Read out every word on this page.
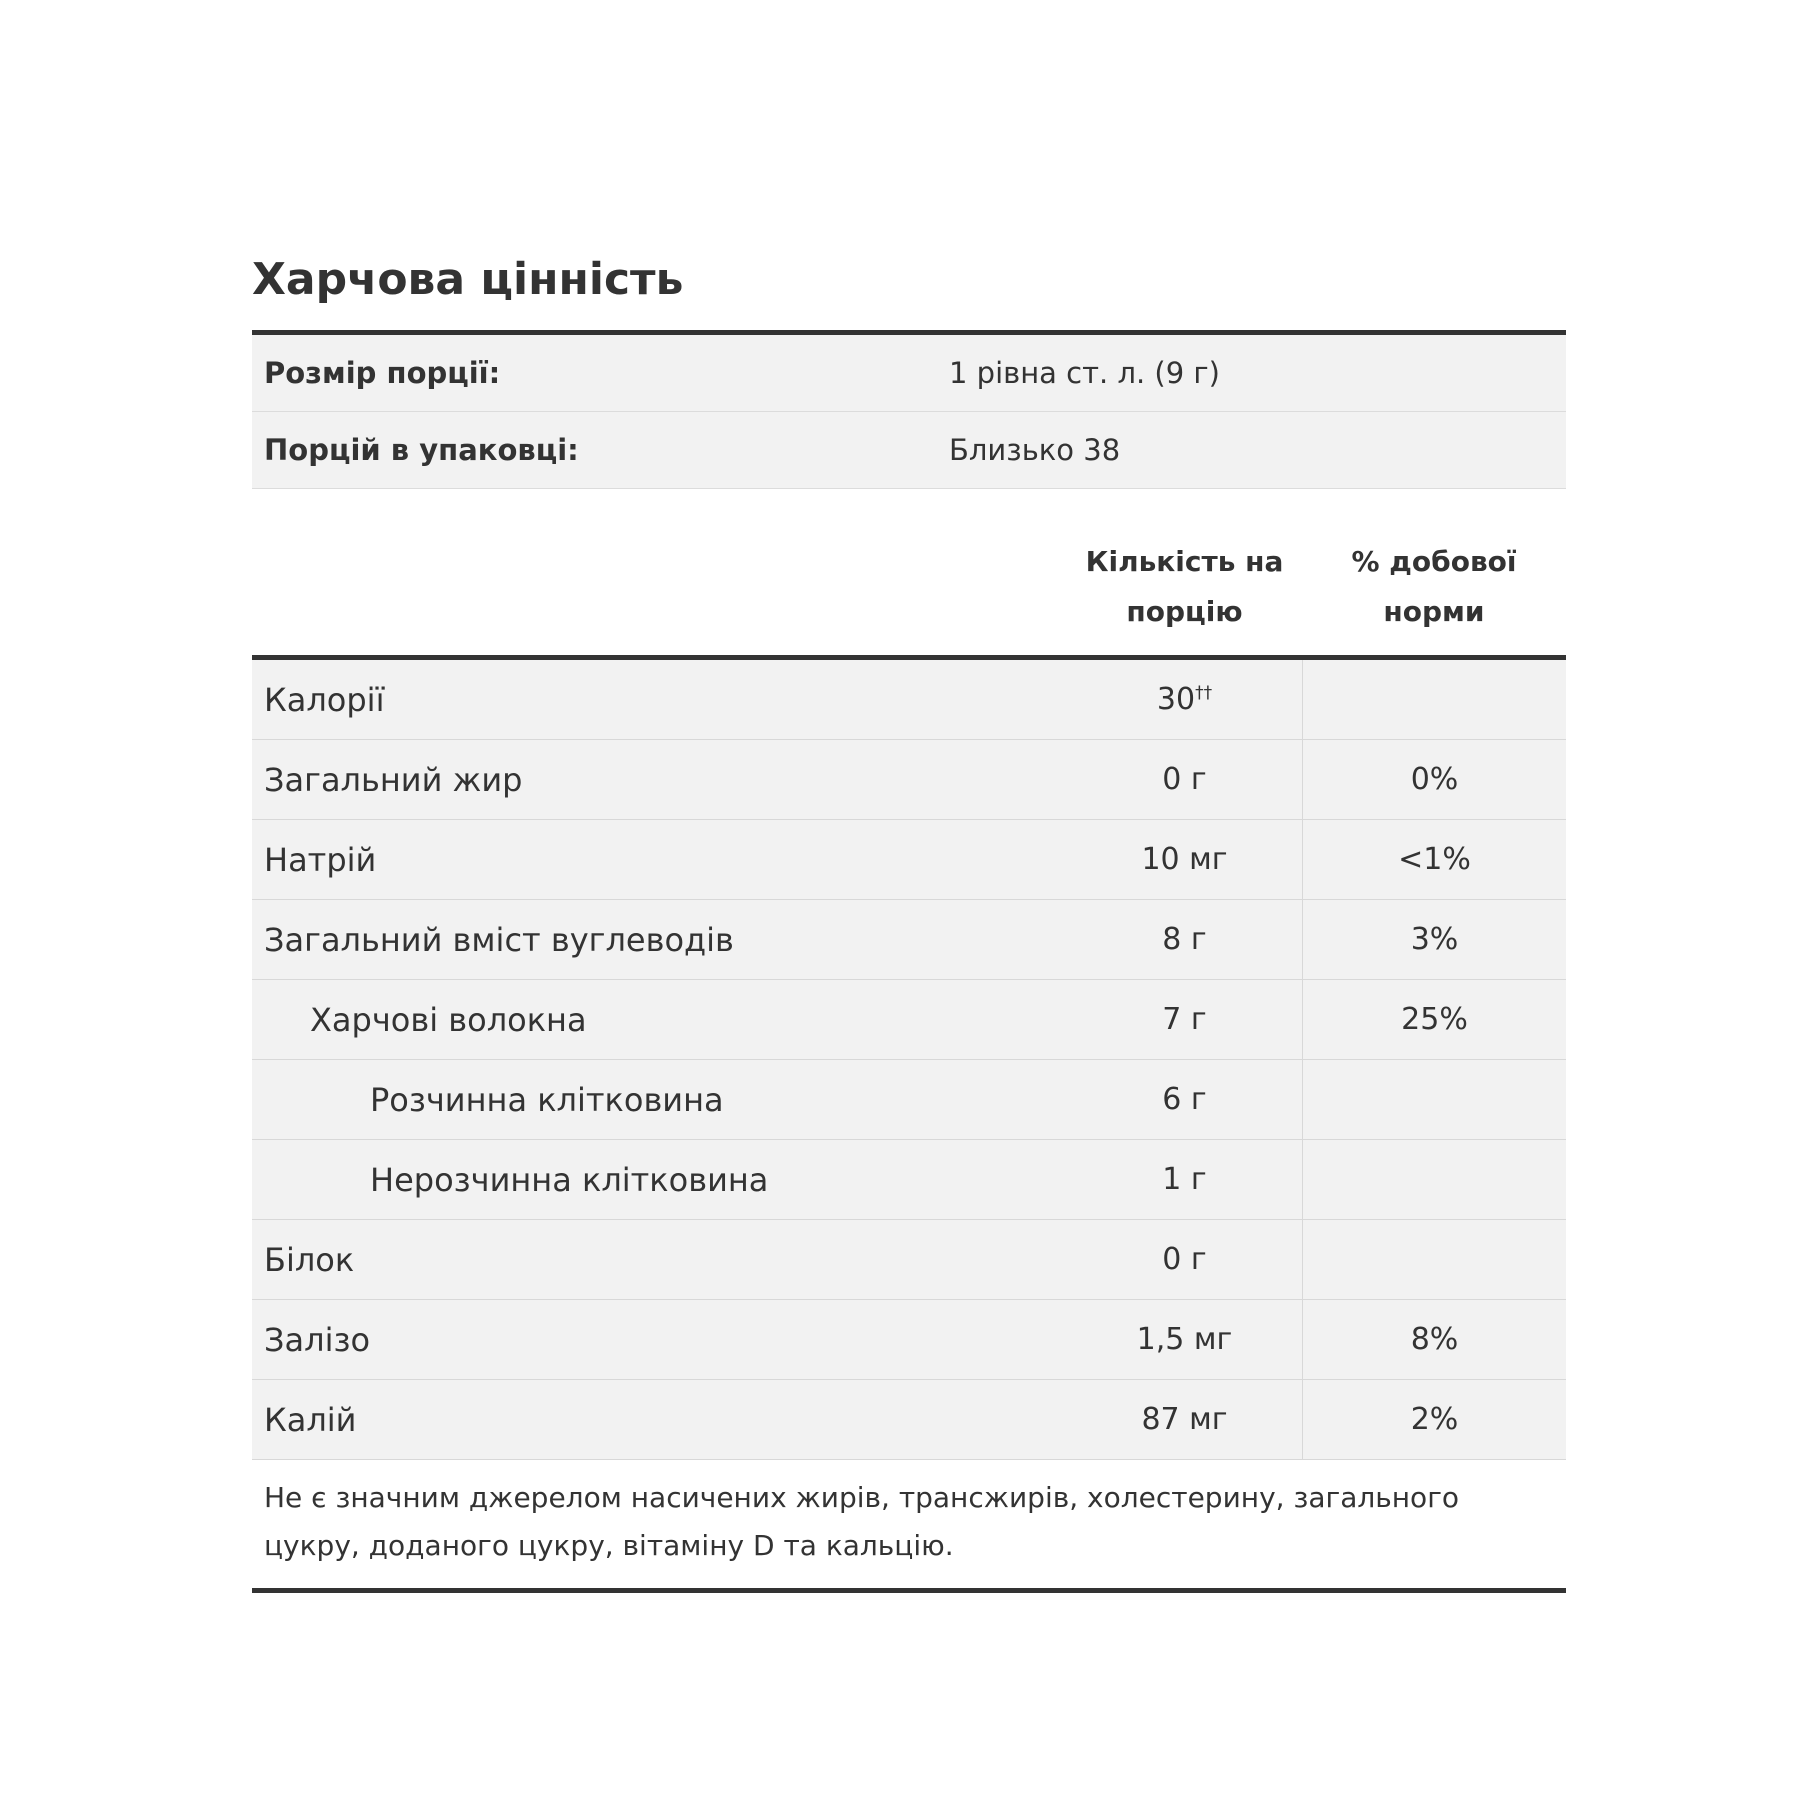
Харчова цінність
Розмір порції:	1 рівна ст. л. (9 г)
Порцій в упаковці:	Близько 38
Кількість на
порцію
% добової
норми
Калорії	30††
Загальний жир	0 г	0%
Натрій	10 мг	<1%
Загальний вміст вуглеводів	8 г	3%
Харчові волокна	7 г	25%
Розчинна клітковина	6 г
Нерозчинна клітковина	1 г
Білок	0 г
Залізо	1,5 мг	8%
Калій	87 мг	2%
Не є значним джерелом насичених жирів, трансжирів, холестерину, загального цукру, доданого цукру, вітаміну D та кальцію.
